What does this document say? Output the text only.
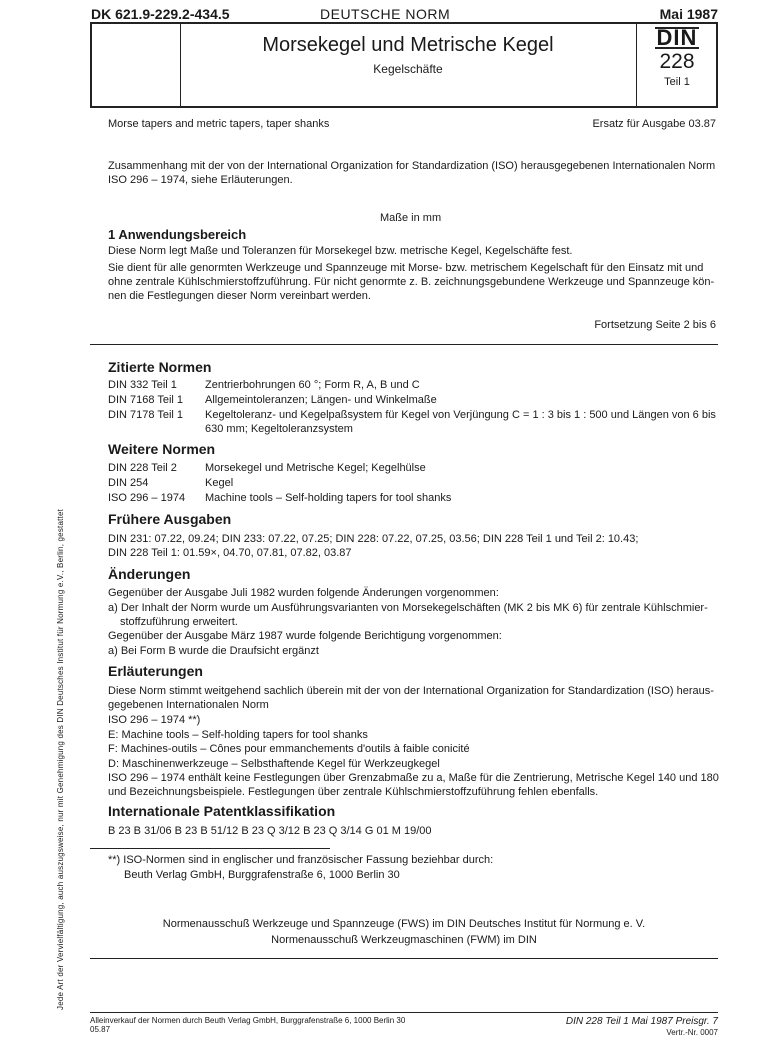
DK 621.9-229.2-434.5	DEUTSCHE NORM	Mai 1987
Morsekegel und Metrische Kegel
Kegelschäfte
DIN
228
Teil 1
Morse tapers and metric tapers, taper shanks	Ersatz für Ausgabe 03.87
Zusammenhang mit der von der International Organization for Standardization (ISO) herausgegebenen Internationalen Norm
ISO 296 – 1974, siehe Erläuterungen.
Maße in mm
1 Anwendungsbereich
Diese Norm legt Maße und Toleranzen für Morsekegel bzw. metrische Kegel, Kegelschäfte fest.
Sie dient für alle genormten Werkzeuge und Spannzeuge mit Morse- bzw. metrischem Kegelschaft für den Einsatz mit und
ohne zentrale Kühlschmierstoffzuführung. Für nicht genormte z. B. zeichnungsgebundene Werkzeuge und Spannzeuge kön-
nen die Festlegungen dieser Norm vereinbart werden.
Fortsetzung Seite 2 bis 6
Zitierte Normen
DIN 332 Teil 1	Zentrierbohrungen 60 °; Form R, A, B und C
DIN 7168 Teil 1 Allgemeintoleranzen; Längen- und Winkelmaße
DIN 7178 Teil 1 Kegeltoleranz- und Kegelpaßsystem für Kegel von Verjüngung C = 1 : 3 bis 1 : 500 und Längen von 6 bis
630 mm; Kegeltoleranzsystem
Weitere Normen
DIN 228 Teil 2	Morsekegel und Metrische Kegel; Kegelhülse
DIN 254	Kegel
ISO 296 – 1974 Machine tools – Self-holding tapers for tool shanks
Frühere Ausgaben
DIN 231: 07.22, 09.24; DIN 233: 07.22, 07.25; DIN 228: 07.22, 07.25, 03.56; DIN 228 Teil 1 und Teil 2: 10.43;
DIN 228 Teil 1: 01.59×, 04.70, 07.81, 07.82, 03.87
Änderungen
Gegenüber der Ausgabe Juli 1982 wurden folgende Änderungen vorgenommen:
a) Der Inhalt der Norm wurde um Ausführungsvarianten von Morsekegelschäften (MK 2 bis MK 6) für zentrale Kühlschmier-
stoffzuführung erweitert.
Gegenüber der Ausgabe März 1987 wurde folgende Berichtigung vorgenommen:
a) Bei Form B wurde die Draufsicht ergänzt
Erläuterungen
Diese Norm stimmt weitgehend sachlich überein mit der von der International Organization for Standardization (ISO) heraus-
gegebenen Internationalen Norm
ISO 296 – 1974 **)
E: Machine tools – Self-holding tapers for tool shanks
F: Machines-outils – Cônes pour emmanchements d'outils à faible conicité
D: Maschinenwerkzeuge – Selbsthaftende Kegel für Werkzeugkegel
ISO 296 – 1974 enthält keine Festlegungen über Grenzabmaße zu a, Maße für die Zentrierung, Metrische Kegel 140 und 180
und Bezeichnungsbeispiele. Festlegungen über zentrale Kühlschmierstoffzuführung fehlen ebenfalls.
Internationale Patentklassifikation
B 23 B 31/06 B 23 B 51/12 B 23 Q 3/12 B 23 Q 3/14 G 01 M 19/00
**) ISO-Normen sind in englischer und französischer Fassung beziehbar durch:
Beuth Verlag GmbH, Burggrafenstraße 6, 1000 Berlin 30
Normenausschuß Werkzeuge und Spannzeuge (FWS) im DIN Deutsches Institut für Normung e. V.
Normenausschuß Werkzeugmaschinen (FWM) im DIN
Jede Art der Vervielfältigung, auch auszugsweise, nur mit Genehmigung des DIN Deutsches Institut für Normung e.V., Berlin, gestattet
Alleinverkauf der Normen durch Beuth Verlag GmbH, Burggrafenstraße 6, 1000 Berlin 30
05.87
DIN 228 Teil 1 Mai 1987 Preisgr. 7
Vertr.-Nr. 0007
